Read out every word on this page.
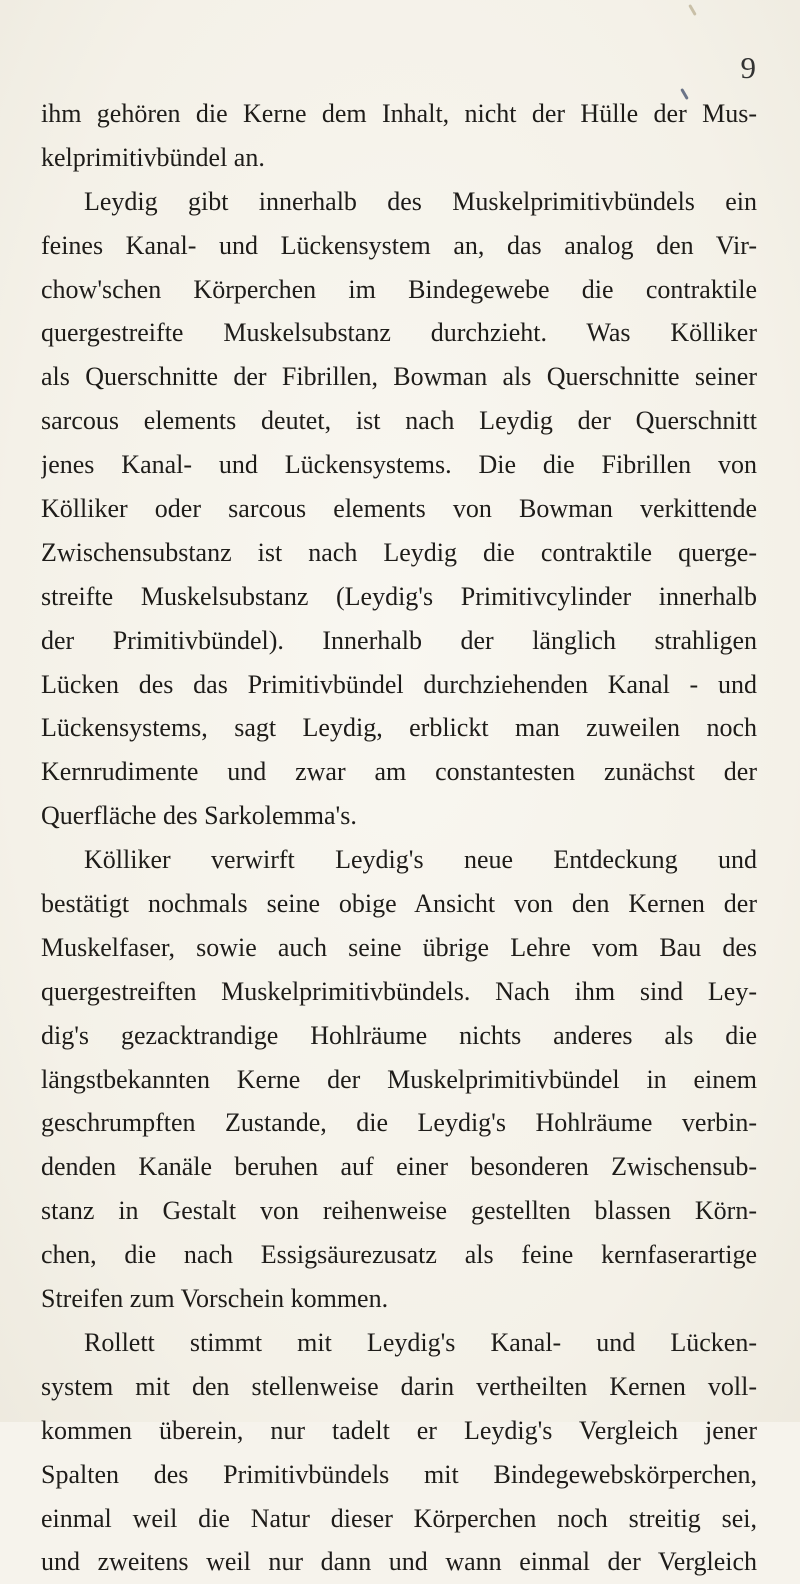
9
ihm gehören die Kerne dem Inhalt, nicht der Hülle der Mus-
kelprimitivbündel an.
Leydig gibt innerhalb des Muskelprimitivbündels ein
feines Kanal- und Lückensystem an, das analog den Vir-
chow'schen Körperchen im Bindegewebe die contraktile
quergestreifte Muskelsubstanz durchzieht. Was Kölliker
als Querschnitte der Fibrillen, Bowman als Querschnitte seiner
sarcous elements deutet, ist nach Leydig der Querschnitt
jenes Kanal- und Lückensystems. Die die Fibrillen von
Kölliker oder sarcous elements von Bowman verkittende
Zwischensubstanz ist nach Leydig die contraktile querge-
streifte Muskelsubstanz (Leydig's Primitivcylinder innerhalb
der Primitivbündel). Innerhalb der länglich strahligen
Lücken des das Primitivbündel durchziehenden Kanal - und
Lückensystems, sagt Leydig, erblickt man zuweilen noch
Kernrudimente und zwar am constantesten zunächst der
Querfläche des Sarkolemma's.
Kölliker verwirft Leydig's neue Entdeckung und
bestätigt nochmals seine obige Ansicht von den Kernen der
Muskelfaser, sowie auch seine übrige Lehre vom Bau des
quergestreiften Muskelprimitivbündels. Nach ihm sind Ley-
dig's gezacktrandige Hohlräume nichts anderes als die
längstbekannten Kerne der Muskelprimitivbündel in einem
geschrumpften Zustande, die Leydig's Hohlräume verbin-
denden Kanäle beruhen auf einer besonderen Zwischensub-
stanz in Gestalt von reihenweise gestellten blassen Körn-
chen, die nach Essigsäurezusatz als feine kernfaserartige
Streifen zum Vorschein kommen.
Rollett stimmt mit Leydig's Kanal- und Lücken-
system mit den stellenweise darin vertheilten Kernen voll-
kommen überein, nur tadelt er Leydig's Vergleich jener
Spalten des Primitivbündels mit Bindegewebskörperchen,
einmal weil die Natur dieser Körperchen noch streitig sei,
und zweitens weil nur dann und wann einmal der Vergleich
